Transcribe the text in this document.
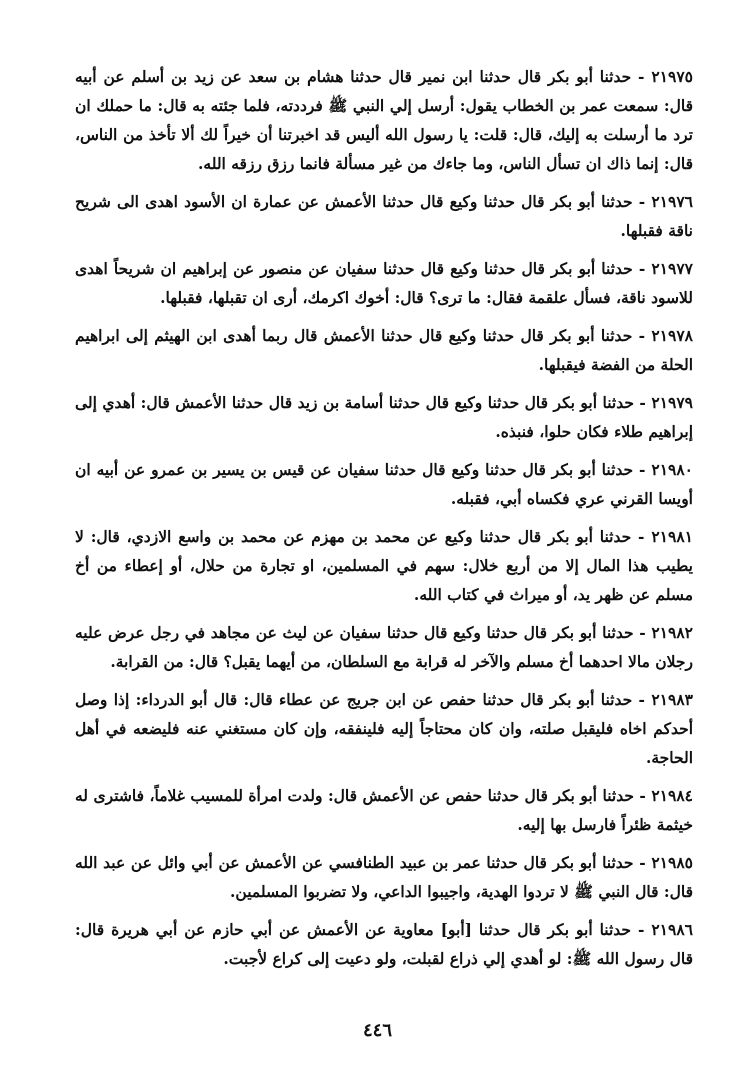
٢١٩٧٥ - حدثنا أبو بكر قال حدثنا ابن نمير قال حدثنا هشام بن سعد عن زيد بن أسلم عن أبيه قال: سمعت عمر بن الخطاب يقول: أرسل إلي النبي ﷺ فرددته، فلما جئته به قال: ما حملك ان ترد ما أرسلت به إليك، قال: قلت: يا رسول الله أليس قد اخبرتنا أن خيراً لك ألا تأخذ من الناس، قال: إنما ذاك ان تسأل الناس، وما جاءك من غير مسألة فانما رزق رزقه الله.

٢١٩٧٦ - حدثنا أبو بكر قال حدثنا وكيع قال حدثنا الأعمش عن عمارة ان الأسود اهدى الى شريح ناقة فقبلها.

٢١٩٧٧ - حدثنا أبو بكر قال حدثنا وكيع قال حدثنا سفيان عن منصور عن إبراهيم ان شريحاً اهدى للاسود ناقة، فسأل علقمة فقال: ما ترى؟ قال: أخوك اكرمك، أرى ان تقبلها، فقبلها.

٢١٩٧٨ - حدثنا أبو بكر قال حدثنا وكيع قال حدثنا الأعمش قال ربما أهدى ابن الهيثم إلى ابراهيم الحلة من الفضة فيقبلها.

٢١٩٧٩ - حدثنا أبو بكر قال حدثنا وكيع قال حدثنا أسامة بن زيد قال حدثنا الأعمش قال: أهدي إلى إبراهيم طلاء فكان حلوا، فنبذه.

٢١٩٨٠ - حدثنا أبو بكر قال حدثنا وكيع قال حدثنا سفيان عن قيس بن يسير بن عمرو عن أبيه ان أويسا القرني عري فكساه أبي، فقبله.

٢١٩٨١ - حدثنا أبو بكر قال حدثنا وكيع عن محمد بن مهزم عن محمد بن واسع الازدي، قال: لا يطيب هذا المال إلا من أربع خلال: سهم في المسلمين، او تجارة من حلال، أو إعطاء من أخ مسلم عن ظهر يد، أو ميراث في كتاب الله.

٢١٩٨٢ - حدثنا أبو بكر قال حدثنا وكيع قال حدثنا سفيان عن ليث عن مجاهد في رجل عرض عليه رجلان مالا احدهما أخ مسلم والآخر له قرابة مع السلطان، من أيهما يقبل؟ قال: من القرابة.

٢١٩٨٣ - حدثنا أبو بكر قال حدثنا حفص عن ابن جريج عن عطاء قال: قال أبو الدرداء: إذا وصل أحدكم اخاه فليقبل صلته، وان كان محتاجاً إليه فلينفقه، وإن كان مستغني عنه فليضعه في أهل الحاجة.

٢١٩٨٤ - حدثنا أبو بكر قال حدثنا حفص عن الأعمش قال: ولدت امرأة للمسيب غلاماً، فاشترى له خيثمة ظئراً فارسل بها إليه.

٢١٩٨٥ - حدثنا أبو بكر قال حدثنا عمر بن عبيد الطنافسي عن الأعمش عن أبي وائل عن عبد الله قال: قال النبي ﷺ لا تردوا الهدية، واجيبوا الداعي، ولا تضربوا المسلمين.

٢١٩٨٦ - حدثنا أبو بكر قال حدثنا [أبو] معاوية عن الأعمش عن أبي حازم عن أبي هريرة قال: قال رسول الله ﷺ: لو أهدي إلي ذراع لقبلت، ولو دعيت إلى كراع لأجبت.

٤٤٦
